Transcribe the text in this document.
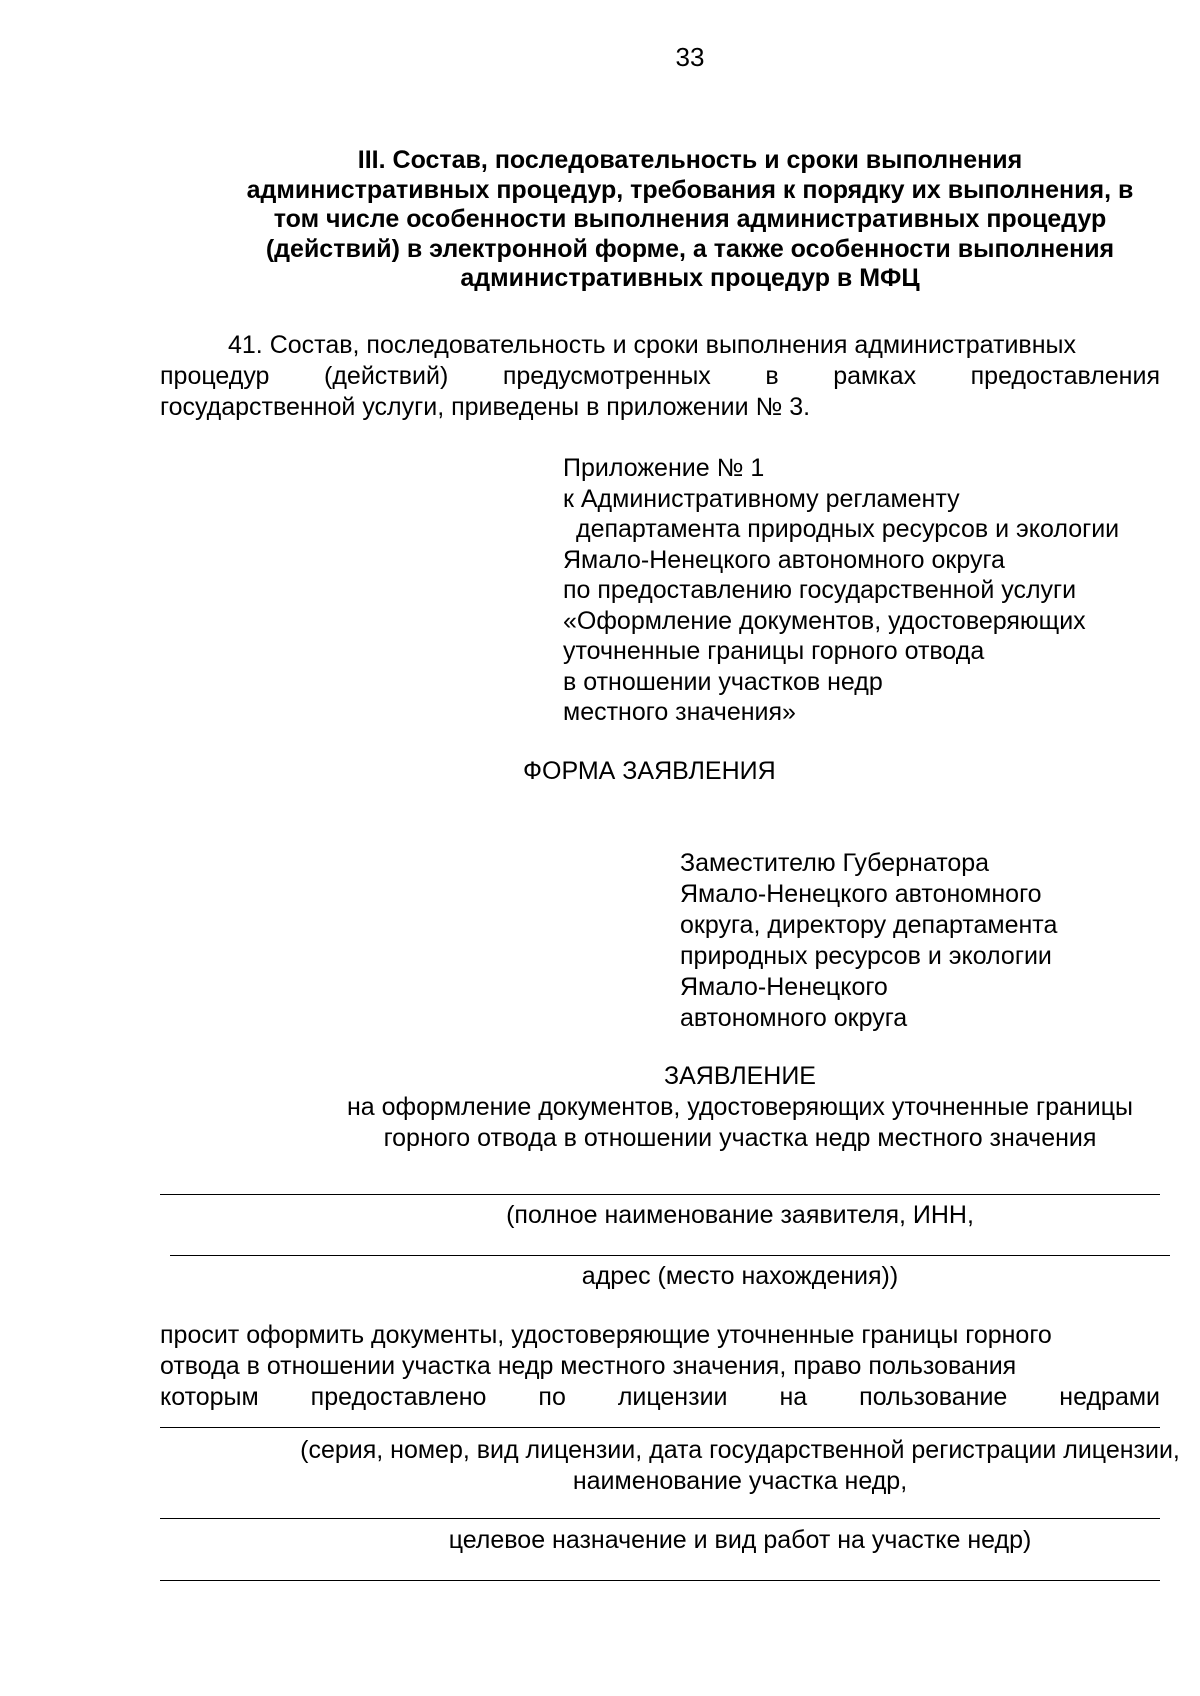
33
III. Состав, последовательность и сроки выполнения
административных процедур, требования к порядку их выполнения, в
том числе особенности выполнения административных процедур
(действий) в электронной форме, а также особенности выполнения
административных процедур в МФЦ
41. Состав, последовательность и сроки выполнения административных
процедур (действий) предусмотренных в рамках предоставления
государственной услуги, приведены в приложении № 3.
Приложение № 1
к Административному регламенту
департамента природных ресурсов и экологии
Ямало-Ненецкого автономного округа
по предоставлению государственной услуги
«Оформление документов, удостоверяющих
уточненные границы горного отвода
в отношении участков недр
местного значения»
ФОРМА ЗАЯВЛЕНИЯ
Заместителю Губернатора
Ямало-Ненецкого автономного
округа, директору департамента
природных ресурсов и экологии
Ямало-Ненецкого
автономного округа
ЗАЯВЛЕНИЕ
на оформление документов, удостоверяющих уточненные границы
горного отвода в отношении участка недр местного значения
(полное наименование заявителя, ИНН,
адрес (место нахождения))
просит оформить документы, удостоверяющие уточненные границы горного
отвода в отношении участка недр местного значения, право пользования
которым предоставлено по лицензии на пользование недрами
(серия, номер, вид лицензии, дата государственной регистрации лицензии,
наименование участка недр,
целевое назначение и вид работ на участке недр)
